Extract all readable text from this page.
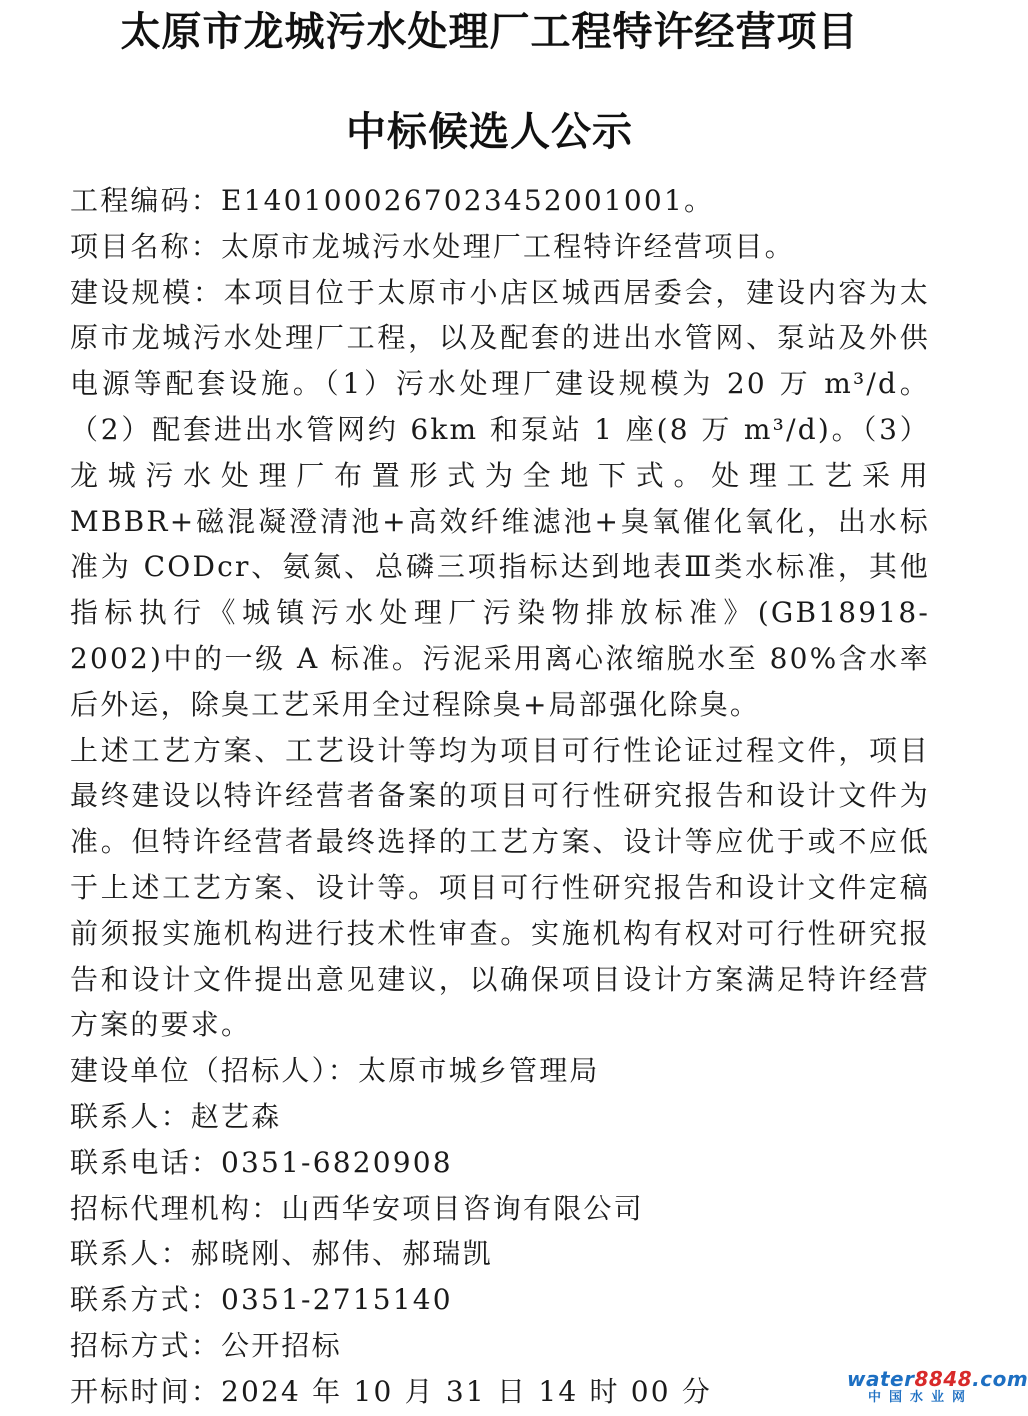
太原市龙城污水处理厂工程特许经营项目
中标候选人公示

工程编码：E1401000267023452001001。

项目名称：太原市龙城污水处理厂工程特许经营项目。

建设规模：本项目位于太原市小店区城西居委会，建设内容为太原市龙城污水处理厂工程，以及配套的进出水管网、泵站及外供电源等配套设施。（1）污水处理厂建设规模为 20 万 m³/d。（2）配套进出水管网约 6km 和泵站 1 座(8 万 m³/d)。（3）龙城污水处理厂布置形式为全地下式。处理工艺采用 MBBR+磁混凝澄清池+高效纤维滤池+臭氧催化氧化，出水标准为 CODcr、氨氮、总磷三项指标达到地表Ⅲ类水标准，其他指标执行《城镇污水处理厂污染物排放标准》(GB18918-2002)中的一级 A 标准。污泥采用离心浓缩脱水至 80%含水率后外运，除臭工艺采用全过程除臭+局部强化除臭。

上述工艺方案、工艺设计等均为项目可行性论证过程文件，项目最终建设以特许经营者备案的项目可行性研究报告和设计文件为准。但特许经营者最终选择的工艺方案、设计等应优于或不应低于上述工艺方案、设计等。项目可行性研究报告和设计文件定稿前须报实施机构进行技术性审查。实施机构有权对可行性研究报告和设计文件提出意见建议，以确保项目设计方案满足特许经营方案的要求。

建设单位（招标人）：太原市城乡管理局

联系人：赵艺森

联系电话：0351-6820908

招标代理机构：山西华安项目咨询有限公司

联系人：郝晓刚、郝伟、郝瑞凯

联系方式：0351-2715140

招标方式：公开招标

开标时间：2024 年 10 月 31 日 14 时 00 分	water8848.com
中国水业网
